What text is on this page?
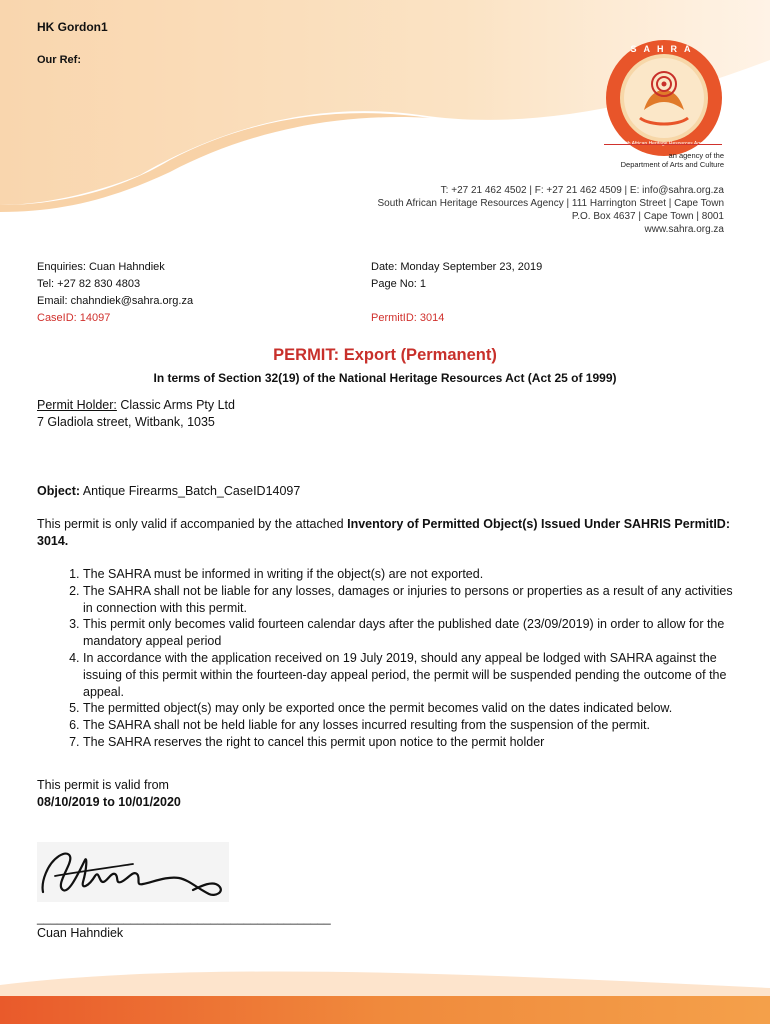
HK Gordon1
Our Ref:
SAHRA
an agency of the
Department of Arts and Culture
T: +27 21 462 4502 | F: +27 21 462 4509 | E: info@sahra.org.za
South African Heritage Resources Agency | 111 Harrington Street | Cape Town
P.O. Box 4637 | Cape Town | 8001
www.sahra.org.za
Enquiries: Cuan Hahndiek
Tel: +27 82 830 4803
Email: chahndiek@sahra.org.za
CaseID: 14097
Date: Monday September 23, 2019
Page No: 1
PermitID: 3014
PERMIT: Export (Permanent)
In terms of Section 32(19) of the National Heritage Resources Act (Act 25 of 1999)
Permit Holder: Classic Arms Pty Ltd
7 Gladiola street, Witbank, 1035
Object: Antique Firearms_Batch_CaseID14097
This permit is only valid if accompanied by the attached Inventory of Permitted Object(s) Issued Under SAHRIS PermitID: 3014.
1. The SAHRA must be informed in writing if the object(s) are not exported.
2. The SAHRA shall not be liable for any losses, damages or injuries to persons or properties as a result of any activities in connection with this permit.
3. This permit only becomes valid fourteen calendar days after the published date (23/09/2019) in order to allow for the mandatory appeal period
4. In accordance with the application received on 19 July 2019, should any appeal be lodged with SAHRA against the issuing of this permit within the fourteen-day appeal period, the permit will be suspended pending the outcome of the appeal.
5. The permitted object(s) may only be exported once the permit becomes valid on the dates indicated below.
6. The SAHRA shall not be held liable for any losses incurred resulting from the suspension of the permit.
7. The SAHRA reserves the right to cancel this permit upon notice to the permit holder
This permit is valid from
08/10/2019 to 10/01/2020
____________________________________________
Cuan Hahndiek
